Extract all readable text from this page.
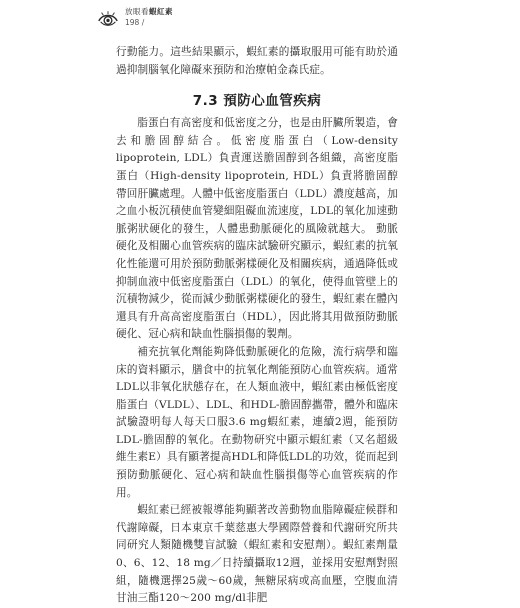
放眼看蝦紅素
198 /

行動能力。這些結果顯示，蝦紅素的攝取服用可能有助於通過抑制腦氧化障礙來預防和治療帕金森氏症。

7.3 預防心血管疾病

脂蛋白有高密度和低密度之分，也是由肝臟所製造，會去和膽固醇結合。低密度脂蛋白（Low-density lipoprotein, LDL）負責運送膽固醇到各組織，高密度脂蛋白（High-density lipoprotein, HDL）負責將膽固醇帶回肝臟處理。人體中低密度脂蛋白（LDL）濃度越高，加之血小板沉積使血管變細阻礙血流速度，LDL的氧化加速動脈粥狀硬化的發生，人體患動脈硬化的風險就越大。 動脈硬化及相關心血管疾病的臨床試驗研究顯示，蝦紅素的抗氧化性能還可用於預防動脈粥樣硬化及相關疾病，通過降低或抑制血液中低密度脂蛋白（LDL）的氧化，使得血管壁上的沉積物減少，從而減少動脈粥樣硬化的發生，蝦紅素在體內還具有升高高密度脂蛋白（HDL），因此將其用做預防動脈硬化、冠心病和缺血性腦損傷的製劑。

補充抗氧化劑能夠降低動脈硬化的危險，流行病學和臨床的資料顯示，膳食中的抗氧化劑能預防心血管疾病。通常LDL以非氧化狀態存在，在人類血液中，蝦紅素由極低密度脂蛋白（VLDL）、LDL、和HDL-膽固醇攜帶，體外和臨床試驗證明每人每天口服3.6 mg蝦紅素，連續2週，能預防LDL-膽固醇的氧化。在動物研究中顯示蝦紅素（又名超級維生素E）具有顯著提高HDL和降低LDL的功效，從而起到預防動脈硬化、冠心病和缺血性腦損傷等心血管疾病的作用。

蝦紅素已經被報導能夠顯著改善動物血脂障礙症候群和代謝障礙，日本東京千葉慈惠大學國際營養和代謝研究所共同研究人類隨機雙盲試驗（蝦紅素和安慰劑）。蝦紅素劑量0、6、12、18 mg／日持續攝取12週，並採用安慰劑對照組，隨機選擇25歲～60歲，無糖尿病或高血壓，空腹血清甘油三酯120～200 mg/dl非肥
